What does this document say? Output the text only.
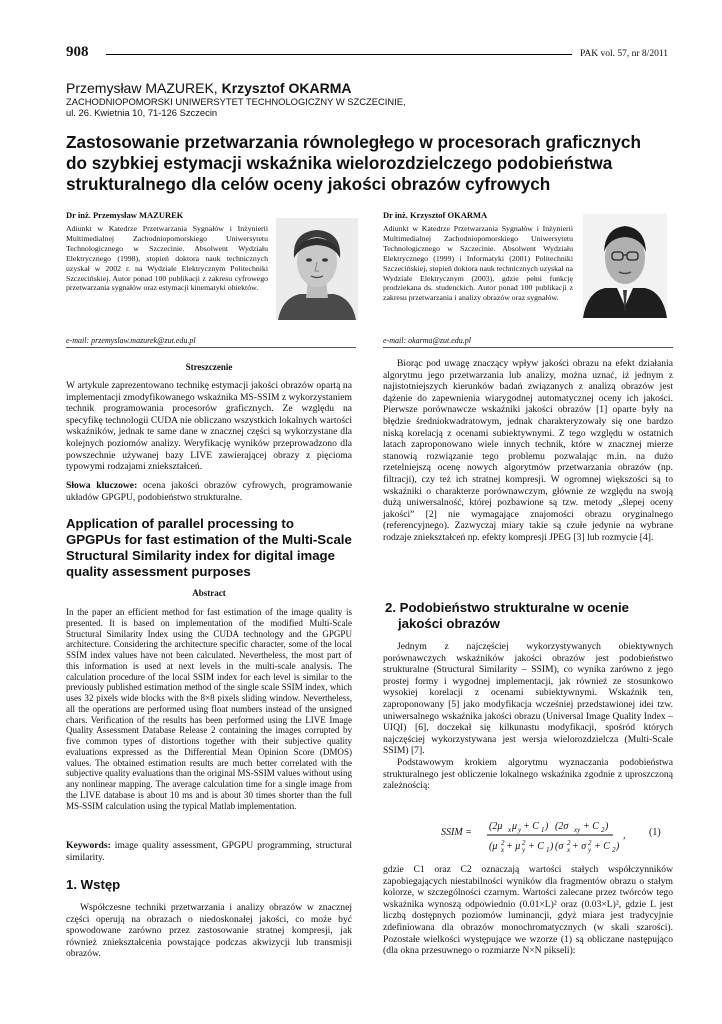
908	PAK vol. 57, nr 8/2011
Przemysław MAZUREK, Krzysztof OKARMA
ZACHODNIOPOMORSKI UNIWERSYTET TECHNOLOGICZNY W SZCZECINIE,
ul. 26. Kwietnia 10, 71-126 Szczecin
Zastosowanie przetwarzania równoległego w procesorach graficznych do szybkiej estymacji wskaźnika wielorozdzielczego podobieństwa strukturalnego dla celów oceny jakości obrazów cyfrowych
Dr inż. Przemysław MAZUREK
Adiunkt w Katedrze Przetwarzania Sygnałów i Inżynierii Multimedialnej Zachodniopomorskiego Uniwersytetu Technologicznego w Szczecinie. Absolwent Wydziału Elektrycznego (1998), stopień doktora nauk technicznych uzyskał w 2002 r. na Wydziale Elektrycznym Politechniki Szczecińskiej. Autor ponad 100 publikacji z zakresu cyfrowego przetwarzania sygnałów oraz estymacji kinematyki obiektów.
e-mail: przemyslaw.mazurek@zut.edu.pl
Dr inż. Krzysztof OKARMA
Adiunkt w Katedrze Przetwarzania Sygnałów i Inżynierii Multimedialnej Zachodniopomorskiego Uniwersytetu Technologicznego w Szczecinie. Absolwent Wydziału Elektrycznego (1999) i Informatyki (2001) Politechniki Szczecińskiej, stopień doktora nauk technicznych uzyskał na Wydziale Elektrycznym (2003), gdzie pełni funkcję prodziekana ds. studenckich. Autor ponad 100 publikacji z zakresu przetwarzania i analizy obrazów oraz sygnałów.
e-mail: okarma@zut.edu.pl
Streszczenie

W artykule zaprezentowano technikę estymacji jakości obrazów opartą na implementacji zmodyfikowanego wskaźnika MS-SSIM z wykorzystaniem technik programowania procesorów graficznych. Ze względu na specyfikę technologii CUDA nie obliczano wszystkich lokalnych wartości wskaźników, jednak te same dane w znacznej części są wykorzystane dla kolejnych poziomów analizy. Weryfikację wyników przeprowadzono dla powszechnie używanej bazy LIVE zawierającej obrazy z pięcioma typowymi rodzajami zniekształceń.

Słowa kluczowe: ocena jakości obrazów cyfrowych, programowanie układów GPGPU, podobieństwo strukturalne.

Application of parallel processing to GPGPUs for fast estimation of the Multi-Scale Structural Similarity index for digital image quality assessment purposes
Abstract

In the paper an efficient method for fast estimation of the image quality is presented. It is based on implementation of the modified Multi-Scale Structural Similarity Index using the CUDA technology and the GPGPU architecture. Considering the architecture specific character, some of the local SSIM index values have not been calculated. Nevertheless, the most part of this information is used at next levels in the multi-scale analysis. The calculation procedure of the local SSIM index for each level is similar to the previously published estimation method of the single scale SSIM index, which uses 32 pixels wide blocks with the 8×8 pixels sliding window. Nevertheless, all the operations are performed using float numbers instead of the unsigned chars. Verification of the results has been performed using the LIVE Image Quality Assessment Database Release 2 containing the images corrupted by five common types of distortions together with their subjective quality evaluations expressed as the Differential Mean Opinion Score (DMOS) values. The obtained estimation results are much better correlated with the subjective quality evaluations than the original MS-SSIM values without using any nonlinear mapping. The average calculation time for a single image from the LIVE database is about 10 ms and is about 30 times shorter than the full MS-SSIM calculation using the typical Matlab implementation.

Keywords: image quality assessment, GPGPU programming, structural similarity.

1. Wstęp

Współczesne techniki przetwarzania i analizy obrazów w znacznej części operują na obrazach o niedoskonałej jakości, co może być spowodowane zarówno przez zastosowanie stratnej kompresji, jak również zniekształcenia powstające podczas akwizycji lub transmisji obrazów.

Biorąc pod uwagę znaczący wpływ jakości obrazu na efekt działania algorytmu jego przetwarzania lub analizy, można uznać, iż jednym z najistotniejszych kierunków badań związanych z analizą obrazów jest dążenie do zapewnienia wiarygodnej automatycznej oceny ich jakości. Pierwsze porównawcze wskaźniki jakości obrazów [1] oparte były na błędzie średniokwadratowym, jednak charakteryzowały się one bardzo niską korelacją z ocenami subiektywnymi. Z tego względu w ostatnich latach zaproponowano wiele innych technik, które w znacznej mierze stanowią rozwiązanie tego problemu pozwalając m.in. na dużo rzetelniejszą ocenę nowych algorytmów przetwarzania obrazów (np. filtracji), czy też ich stratnej kompresji. W ogromnej większości są to wskaźniki o charakterze porównawczym, głównie ze względu na swoją dużą uniwersalność, której pozbawione są tzw. metody „ślepej oceny jakości” [2] nie wymagające znajomości obrazu oryginalnego (referencyjnego). Zazwyczaj miary takie są czułe jedynie na wybrane rodzaje zniekształceń np. efekty kompresji JPEG [3] lub rozmycie [4].

2. Podobieństwo strukturalne w ocenie
jakości obrazów

Jednym z najczęściej wykorzystywanych obiektywnych porównawczych wskaźników jakości obrazów jest podobieństwo strukturalne (Structural Similarity – SSIM), co wynika zarówno z jego prostej formy i wygodnej implementacji, jak również ze stosunkowo wysokiej korelacji z ocenami subiektywnymi. Wskaźnik ten, zaproponowany [5] jako modyfikacja wcześniej przedstawionej idei tzw. uniwersalnego wskaźnika jakości obrazu (Universal Image Quality Index – UIQI) [6], doczekał się kilkunastu modyfikacji, spośród których najczęściej wykorzystywana jest wersja wielorozdzielcza (Multi-Scale SSIM) [7].

Podstawowym krokiem algorytmu wyznaczania podobieństwa strukturalnego jest obliczenie lokalnego wskaźnika zgodnie z uproszczoną zależnością:

SSIM =
(2μ x μ y + C 1 ) (2σ xy + C 2 )
(μ 2
x + μ 2
y + C 1 ) (σ 2
x + σ 2
y + C 2 )
, (1)

gdzie C1 oraz C2 oznaczają wartości stałych współczynników zapobiegających niestabilności wyników dla fragmentów obrazu o stałym kolorze, w szczególności czarnym. Wartości zalecane przez twórców tego wskaźnika wynoszą odpowiednio (0.01×L)² oraz (0.03×L)², gdzie L jest liczbą dostępnych poziomów luminancji, gdyż miara jest tradycyjnie zdefiniowana dla obrazów monochromatycznych (w skali szarości). Pozostałe wielkości występujące we wzorze (1) są obliczane następująco (dla okna przesuwnego o rozmiarze N×N pikseli):
